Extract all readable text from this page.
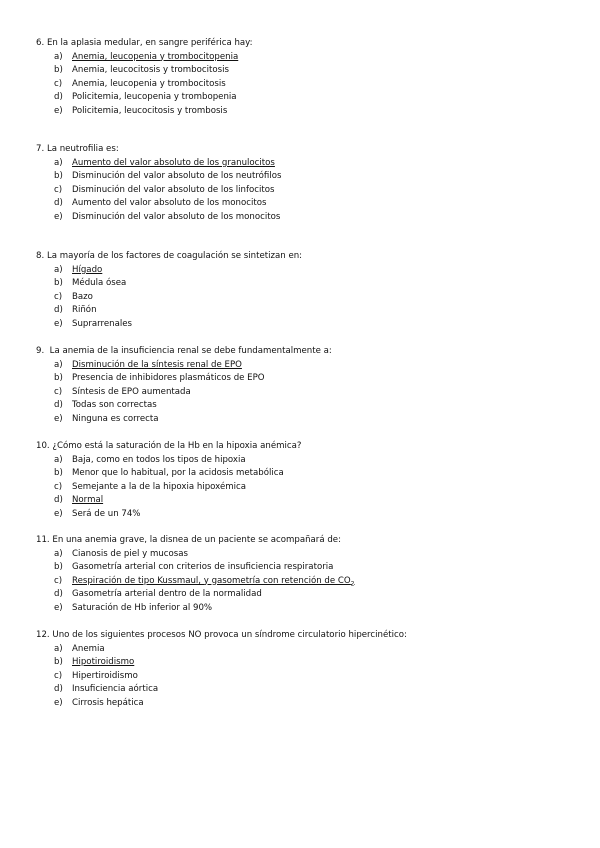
6. En la aplasia medular, en sangre periférica hay:
a)	Anemia, leucopenia y trombocitopenia
b)	Anemia, leucocitosis y trombocitosis
c)	Anemia, leucopenia y trombocitosis
d)	Policitemia, leucopenia y trombopenia
e)	Policitemia, leucocitosis y trombosis
7. La neutrofilia es:
a)	Aumento del valor absoluto de los granulocitos
b)	Disminución del valor absoluto de los neutrófilos
c)	Disminución del valor absoluto de los linfocitos
d)	Aumento del valor absoluto de los monocitos
e)	Disminución del valor absoluto de los monocitos
8. La mayoría de los factores de coagulación se sintetizan en:
a)	Hígado
b)	Médula ósea
c)	Bazo
d)	Riñón
e)	Suprarrenales
9. La anemia de la insuficiencia renal se debe fundamentalmente a:
a)	Disminución de la síntesis renal de EPO
b)	Presencia de inhibidores plasmáticos de EPO
c)	Síntesis de EPO aumentada
d)	Todas son correctas
e)	Ninguna es correcta
10. ¿Cómo está la saturación de la Hb en la hipoxia anémica?
a)	Baja, como en todos los tipos de hipoxia
b)	Menor que lo habitual, por la acidosis metabólica
c)	Semejante a la de la hipoxia hipoxémica
d)	Normal
e)	Será de un 74%
11. En una anemia grave, la disnea de un paciente se acompañará de:
a)	Cianosis de piel y mucosas
b)	Gasometría arterial con criterios de insuficiencia respiratoria
c)	Respiración de tipo Kussmaul, y gasometría con retención de $CO_2$
d)	Gasometría arterial dentro de la normalidad
e)	Saturación de Hb inferior al 90%
12. Uno de los siguientes procesos NO provoca un síndrome circulatorio hipercinético:
a)	Anemia
b)	Hipotiroidismo
c)	Hipertiroidismo
d)	Insuficiencia aórtica
e)	Cirrosis hepática
